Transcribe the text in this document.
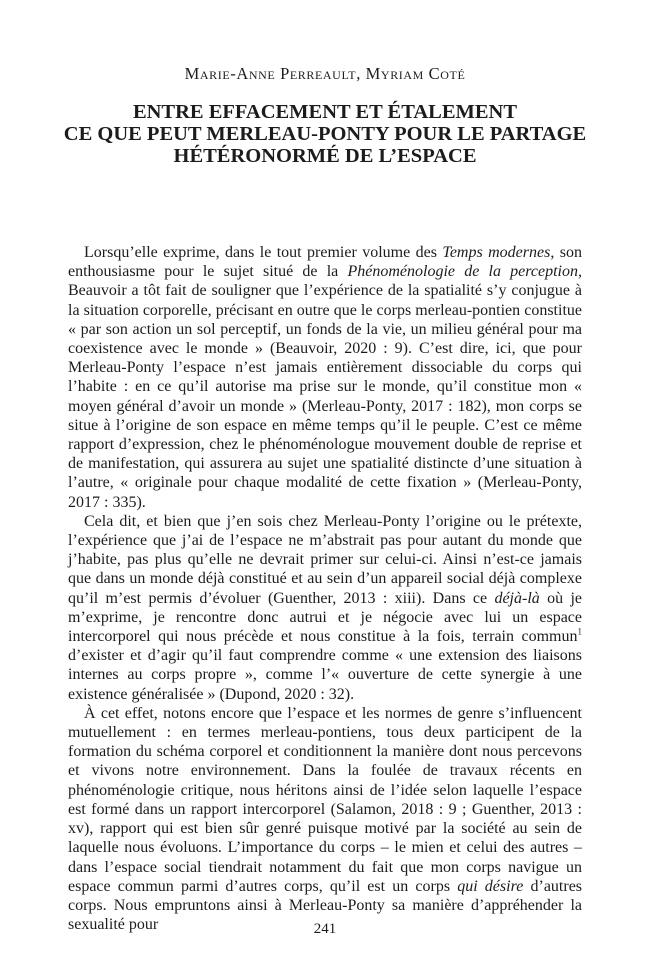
Marie-Anne Perreault, Myriam Coté
ENTRE EFFACEMENT ET ÉTALEMENT
CE QUE PEUT MERLEAU-PONTY POUR LE PARTAGE
HÉTÉRONORMÉ DE L’ESPACE

Lorsqu’elle exprime, dans le tout premier volume des Temps modernes, son enthousiasme pour le sujet situé de la Phénoménologie de la perception, Beauvoir a tôt fait de souligner que l’expérience de la spatialité s’y conjugue à la situation corporelle, précisant en outre que le corps merleau-pontien constitue « par son action un sol perceptif, un fonds de la vie, un milieu général pour ma coexistence avec le monde » (Beauvoir, 2020 : 9). C’est dire, ici, que pour Merleau-Ponty l’espace n’est jamais entièrement dissociable du corps qui l’habite : en ce qu’il autorise ma prise sur le monde, qu’il constitue mon « moyen général d’avoir un monde » (Merleau-Ponty, 2017 : 182), mon corps se situe à l’origine de son espace en même temps qu’il le peuple. C’est ce même rapport d’expression, chez le phénoménologue mouvement double de reprise et de manifestation, qui assurera au sujet une spatialité distincte d’une situation à l’autre, « originale pour chaque modalité de cette fixation » (Merleau-Ponty, 2017 : 335).

Cela dit, et bien que j’en sois chez Merleau-Ponty l’origine ou le prétexte, l’expérience que j’ai de l’espace ne m’abstrait pas pour autant du monde que j’habite, pas plus qu’elle ne devrait primer sur celui-ci. Ainsi n’est-ce jamais que dans un monde déjà constitué et au sein d’un appareil social déjà complexe qu’il m’est permis d’évoluer (Guenther, 2013 : xiii). Dans ce déjà-là où je m’exprime, je rencontre donc autrui et je négocie avec lui un espace intercorporel qui nous précède et nous constitue à la fois, terrain commun$^1$ d’exister et d’agir qu’il faut comprendre comme « une extension des liaisons internes au corps propre », comme l’« ouverture de cette synergie à une existence généralisée » (Dupond, 2020 : 32).

À cet effet, notons encore que l’espace et les normes de genre s’influencent mutuellement : en termes merleau-pontiens, tous deux participent de la formation du schéma corporel et conditionnent la manière dont nous percevons et vivons notre environnement. Dans la foulée de travaux récents en phénoménologie critique, nous héritons ainsi de l’idée selon laquelle l’espace est formé dans un rapport intercorporel (Salamon, 2018 : 9 ; Guenther, 2013 : xv), rapport qui est bien sûr genré puisque motivé par la société au sein de laquelle nous évoluons. L’importance du corps – le mien et celui des autres – dans l’espace social tiendrait notamment du fait que mon corps navigue un espace commun parmi d’autres corps, qu’il est un corps qui désire d’autres corps. Nous empruntons ainsi à Merleau-Ponty sa manière d’appréhender la sexualité pour	241
